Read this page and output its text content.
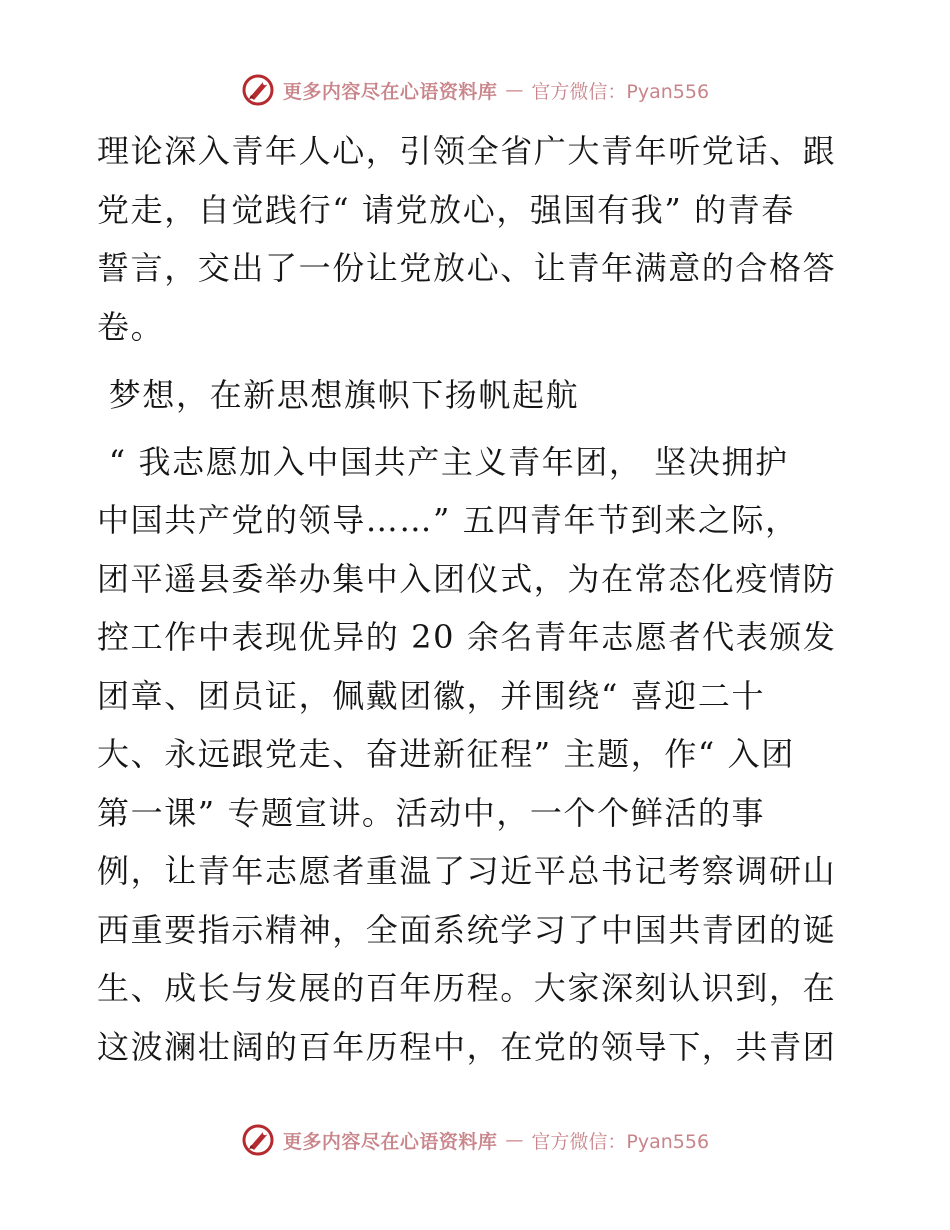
更多内容尽在心语资料库 — 官方微信：Pyan556
理论深入青年人心，引领全省广大青年听党话、跟
党走，自觉践行“ 请党放心，强国有我” 的青春
誓言，交出了一份让党放心、让青年满意的合格答
卷。
梦想，在新思想旗帜下扬帆起航
“ 我志愿加入中国共产主义青年团， 坚决拥护
中国共产党的领导……” 五四青年节到来之际，
团平遥县委举办集中入团仪式，为在常态化疫情防
控工作中表现优异的 20 余名青年志愿者代表颁发
团章、团员证，佩戴团徽，并围绕“ 喜迎二十
大、永远跟党走、奋进新征程” 主题，作“ 入团
第一课” 专题宣讲。活动中，一个个鲜活的事
例，让青年志愿者重温了习近平总书记考察调研山
西重要指示精神，全面系统学习了中国共青团的诞
生、成长与发展的百年历程。大家深刻认识到，在
这波澜壮阔的百年历程中，在党的领导下，共青团
更多内容尽在心语资料库 — 官方微信：Pyan556
